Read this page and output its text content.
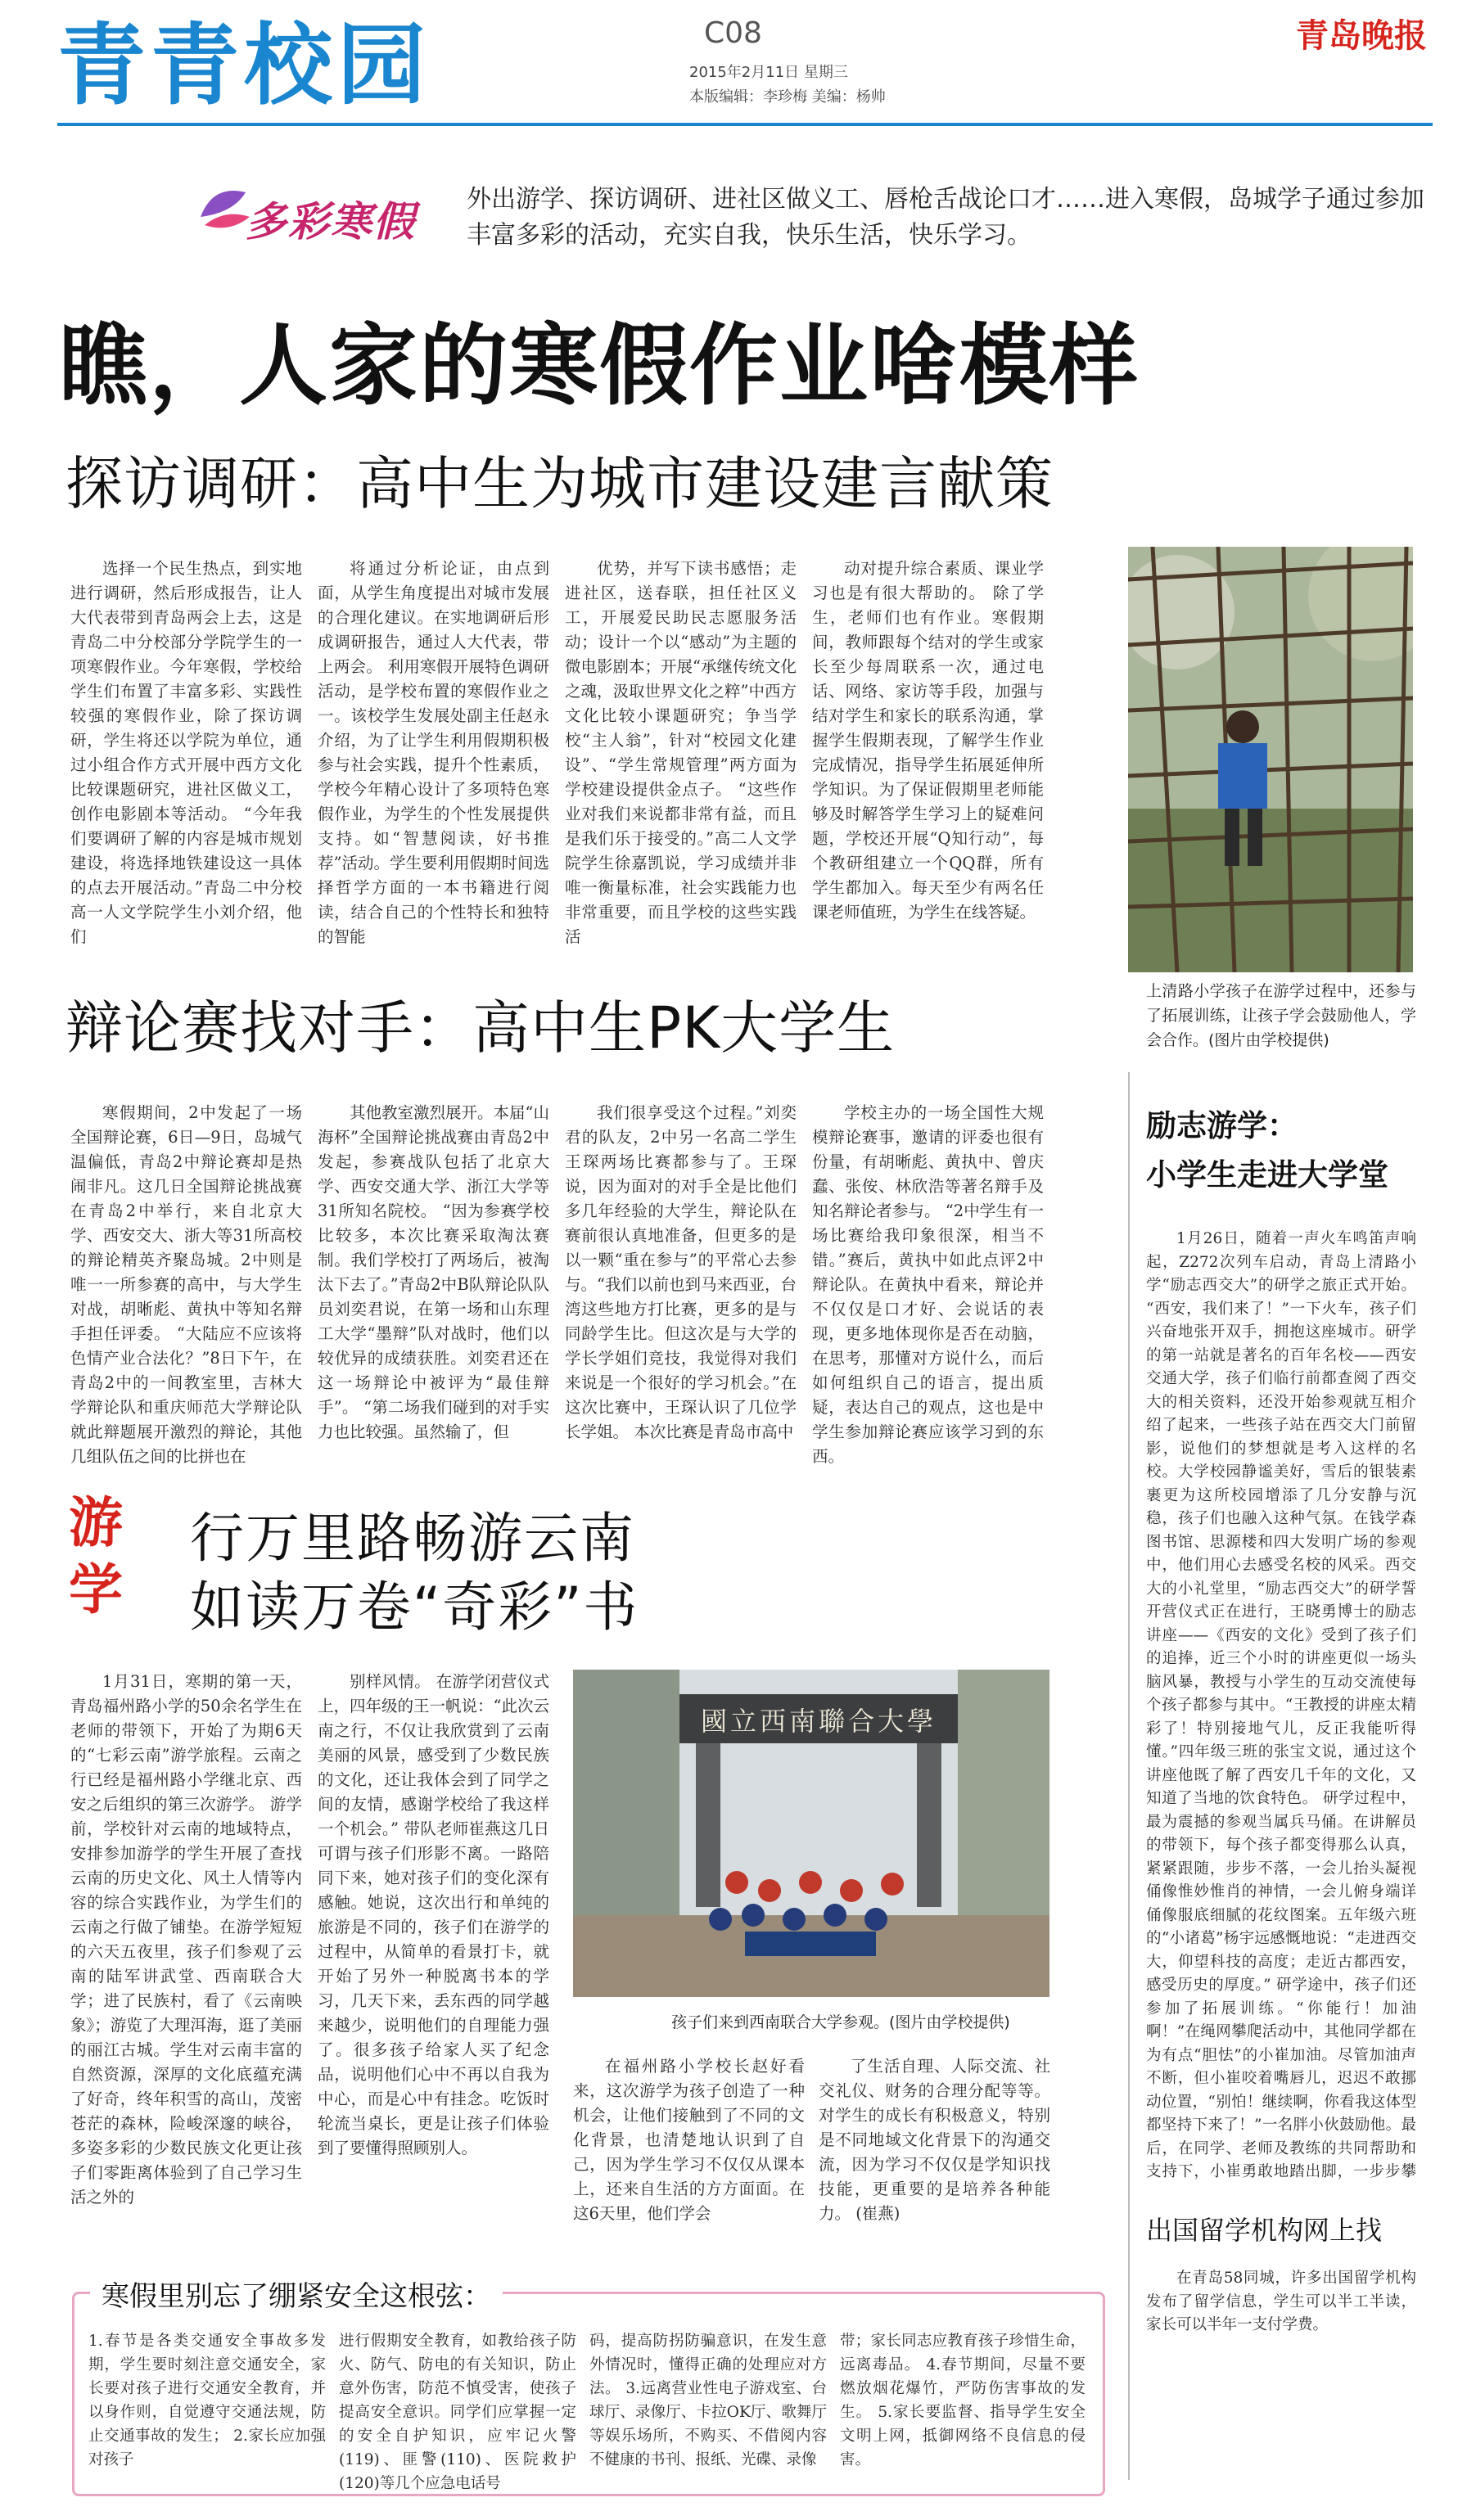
青青校园	C08
2015年2月11日 星期三
本版编辑：李珍梅 美编：杨帅
青岛晚报
多彩寒假 外出游学、探访调研、进社区做义工、唇枪舌战论口才……进入寒假，岛城学子通过参加丰富多彩的活动，充实自我，快乐生活，快乐学习。
瞧，人家的寒假作业啥模样
探访调研：高中生为城市建设建言献策

选择一个民生热点，到实地进行调研，然后形成报告，让人大代表带到青岛两会上去，这是青岛二中分校部分学院学生的一项寒假作业。今年寒假，学校给学生们布置了丰富多彩、实践性较强的寒假作业，除了探访调研，学生将还以学院为单位，通过小组合作方式开展中西方文化比较课题研究，进社区做义工，创作电影剧本等活动。 “今年我们要调研了解的内容是城市规划建设，将选择地铁建设这一具体的点去开展活动。”青岛二中分校高一人文学院学生小刘介绍，他们

将通过分析论证，由点到面，从学生角度提出对城市发展的合理化建议。在实地调研后形成调研报告，通过人大代表，带上两会。 利用寒假开展特色调研活动，是学校布置的寒假作业之一。该校学生发展处副主任赵永介绍，为了让学生利用假期积极参与社会实践，提升个性素质，学校今年精心设计了多项特色寒假作业，为学生的个性发展提供支持。如“智慧阅读，好书推荐”活动。学生要利用假期时间选择哲学方面的一本书籍进行阅读，结合自己的个性特长和独特的智能

优势，并写下读书感悟；走进社区，送春联，担任社区义工，开展爱民助民志愿服务活动；设计一个以“感动”为主题的微电影剧本；开展“承继传统文化之魂，汲取世界文化之粹”中西方文化比较小课题研究；争当学校“主人翁”，针对“校园文化建设”、“学生常规管理”两方面为学校建设提供金点子。 “这些作业对我们来说都非常有益，而且是我们乐于接受的。”高二人文学院学生徐嘉凯说，学习成绩并非唯一衡量标准，社会实践能力也非常重要，而且学校的这些实践活

动对提升综合素质、课业学习也是有很大帮助的。 除了学生，老师们也有作业。寒假期间，教师跟每个结对的学生或家长至少每周联系一次，通过电话、网络、家访等手段，加强与结对学生和家长的联系沟通，掌握学生假期表现，了解学生作业完成情况，指导学生拓展延伸所学知识。为了保证假期里老师能够及时解答学生学习上的疑难问题，学校还开展“Q知行动”，每个教研组建立一个QQ群，所有学生都加入。每天至少有两名任课老师值班，为学生在线答疑。

上清路小学孩子在游学过程中，还参与了拓展训练，让孩子学会鼓励他人，学会合作。(图片由学校提供)
辩论赛找对手：高中生PK大学生

寒假期间，2中发起了一场全国辩论赛，6日—9日，岛城气温偏低，青岛2中辩论赛却是热闹非凡。这几日全国辩论挑战赛在青岛2中举行，来自北京大学、西安交大、浙大等31所高校的辩论精英齐聚岛城。2中则是唯一一所参赛的高中，与大学生对战，胡晰彪、黄执中等知名辩手担任评委。 “大陆应不应该将色情产业合法化？”8日下午，在青岛2中的一间教室里，吉林大学辩论队和重庆师范大学辩论队就此辩题展开激烈的辩论，其他几组队伍之间的比拼也在

其他教室激烈展开。本届“山海杯”全国辩论挑战赛由青岛2中发起，参赛战队包括了北京大学、西安交通大学、浙江大学等31所知名院校。 “因为参赛学校比较多，本次比赛采取淘汰赛制。我们学校打了两场后，被淘汰下去了。”青岛2中B队辩论队队员刘奕君说，在第一场和山东理工大学“墨辩”队对战时，他们以较优异的成绩获胜。刘奕君还在这一场辩论中被评为“最佳辩手”。 “第二场我们碰到的对手实力也比较强。虽然输了，但

我们很享受这个过程。”刘奕君的队友，2中另一名高二学生王琛两场比赛都参与了。王琛说，因为面对的对手全是比他们多几年经验的大学生，辩论队在赛前很认真地准备，但更多的是以一颗“重在参与”的平常心去参与。“我们以前也到马来西亚，台湾这些地方打比赛，更多的是与同龄学生比。但这次是与大学的学长学姐们竞技，我觉得对我们来说是一个很好的学习机会。”在这次比赛中，王琛认识了几位学长学姐。 本次比赛是青岛市高中

学校主办的一场全国性大规模辩论赛事，邀请的评委也很有份量，有胡晰彪、黄执中、曾庆蠢、张侒、林欣浩等著名辩手及知名辩论者参与。 “2中学生有一场比赛给我印象很深，相当不错。”赛后，黄执中如此点评2中辩论队。在黄执中看来，辩论并不仅仅是口才好、会说话的表现，更多地体现你是否在动脑，在思考，那懂对方说什么，而后如何组织自己的语言，提出质疑，表达自己的观点，这也是中学生参加辩论赛应该学习到的东西。

励志游学：
小学生走进大学堂

1月26日，随着一声火车鸣笛声响起，Z272次列车启动，青岛上清路小学“励志西交大”的研学之旅正式开始。 “西安，我们来了！”一下火车，孩子们兴奋地张开双手，拥抱这座城市。研学的第一站就是著名的百年名校——西安交通大学，孩子们临行前都查阅了西交大的相关资料，还没开始参观就互相介绍了起来，一些孩子站在西交大门前留影，说他们的梦想就是考入这样的名校。大学校园静谧美好，雪后的银装素裹更为这所校园增添了几分安静与沉稳，孩子们也融入这种气氛。在钱学森图书馆、思源楼和四大发明广场的参观中，他们用心去感受名校的风采。西交大的小礼堂里，“励志西交大”的研学誓开营仪式正在进行，王晓勇博士的励志讲座——《西安的文化》受到了孩子们的追捧，近三个小时的讲座更似一场头脑风暴，教授与小学生的互动交流使每个孩子都参与其中。“王教授的讲座太精彩了！特别接地气儿，反正我能听得懂。”四年级三班的张宝文说，通过这个讲座他既了解了西安几千年的文化，又知道了当地的饮食特色。 研学过程中，最为震撼的参观当属兵马俑。在讲解员的带领下，每个孩子都变得那么认真，紧紧跟随，步步不落，一会儿抬头凝视俑像惟妙惟肖的神情，一会儿俯身端详俑像服底细腻的花纹图案。五年级六班的“小诸葛”杨宇远感慨地说：“走进西交大，仰望科技的高度；走近古都西安，感受历史的厚度。” 研学途中，孩子们还参加了拓展训练。“你能行！加油啊！”在绳网攀爬活动中，其他同学都在为有点“胆怯”的小崔加油。尽管加油声不断，但小崔咬着嘴唇儿，迟迟不敢挪动位置，“别怕！继续啊，你看我这体型都坚持下来了！”一名胖小伙鼓励他。最后，在同学、老师及教练的共同帮助和支持下，小崔勇敢地踏出脚，一步步攀

出国留学机构网上找

在青岛58同城，许多出国留学机构发布了留学信息，学生可以半工半读，家长可以半年一支付学费。

游学
行万里路畅游云南
如读万卷“奇彩”书

1月31日，寒期的第一天，青岛福州路小学的50余名学生在老师的带领下，开始了为期6天的“七彩云南”游学旅程。云南之行已经是福州路小学继北京、西安之后组织的第三次游学。 游学前，学校针对云南的地域特点，安排参加游学的学生开展了查找云南的历史文化、风土人情等内容的综合实践作业，为学生们的云南之行做了铺垫。在游学短短的六天五夜里，孩子们参观了云南的陆军讲武堂、西南联合大学；进了民族村，看了《云南映象》；游览了大理洱海，逛了美丽的丽江古城。学生对云南丰富的自然资源，深厚的文化底蕴充满了好奇，终年积雪的高山，茂密苍茫的森林，险峻深邃的峡谷，多姿多彩的少数民族文化更让孩子们零距离体验到了自己学习生活之外的

别样风情。 在游学闭营仪式上，四年级的王一帆说：“此次云南之行，不仅让我欣赏到了云南美丽的风景，感受到了少数民族的文化，还让我体会到了同学之间的友情，感谢学校给了我这样一个机会。” 带队老师崔燕这几日可谓与孩子们形影不离。一路陪同下来，她对孩子们的变化深有感触。她说，这次出行和单纯的旅游是不同的，孩子们在游学的过程中，从简单的看景打卡，就开始了另外一种脱离书本的学习，几天下来，丢东西的同学越来越少，说明他们的自理能力强了。很多孩子给家人买了纪念品，说明他们心中不再以自我为中心，而是心中有挂念。吃饭时轮流当桌长，更是让孩子们体验到了要懂得照顾别人。

國立西南聯合大學
孩子们来到西南联合大学参观。(图片由学校提供)

在福州路小学校长赵好看来，这次游学为孩子创造了一种机会，让他们接触到了不同的文化背景，也清楚地认识到了自己，因为学生学习不仅仅从课本上，还来自生活的方方面面。在这6天里，他们学会

了生活自理、人际交流、社交礼仪、财务的合理分配等等。对学生的成长有积极意义，特别是不同地域文化背景下的沟通交流，因为学习不仅仅是学知识找技能，更重要的是培养各种能力。 (崔燕)

寒假里别忘了绷紧安全这根弦：
1.春节是各类交通安全事故多发期，学生要时刻注意交通安全，家长要对孩子进行交通安全教育，并以身作则，自觉遵守交通法规，防止交通事故的发生； 2.家长应加强对孩子
进行假期安全教育，如教给孩子防火、防气、防电的有关知识，防止意外伤害，防范不慎受害，使孩子提高安全意识。同学们应掌握一定的安全自护知识，应牢记火警(119)、匪警(110)、医院救护(120)等几个应急电话号
码，提高防拐防骗意识，在发生意外情况时，懂得正确的处理应对方法。 3.远离营业性电子游戏室、台球厅、录像厅、卡拉OK厅、歌舞厅等娱乐场所，不购买、不借阅内容不健康的书刊、报纸、光碟、录像
带；家长同志应教育孩子珍惜生命，远离毒品。 4.春节期间，尽量不要燃放烟花爆竹，严防伤害事故的发生。 5.家长要监督、指导学生安全文明上网，抵御网络不良信息的侵害。
